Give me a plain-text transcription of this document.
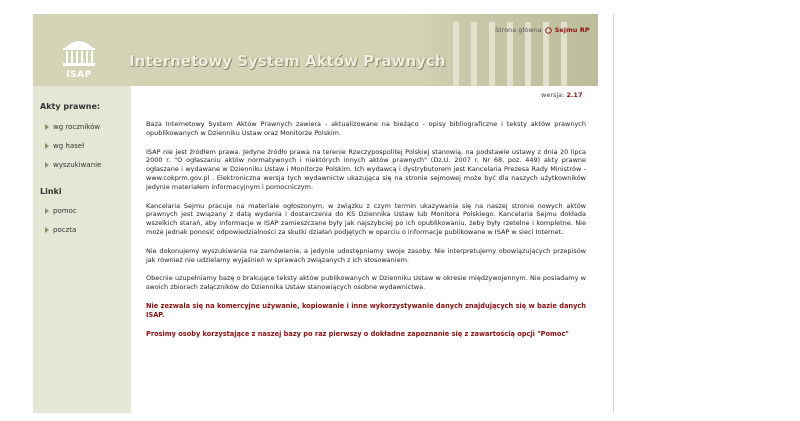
ISAP
Internetowy System Aktów Prawnych
Strona główna Sejmu RP
Akty prawne:
wg roczników
wg haseł
wyszukiwanie
Linki
pomoc
poczta
wersja: 2.17

Baza Internetowy System Aktów Prawnych zawiera - aktualizowane na bieżąco - opisy bibliograficzne i teksty aktów prawnych opublikowanych w Dzienniku Ustaw oraz Monitorze Polskim.

ISAP nie jest źródłem prawa. Jedyne źródło prawa na terenie Rzeczypospolitej Polskiej stanowią, na podstawie ustawy z dnia 20 lipca 2000 r. "O ogłaszaniu aktów normatywnych i niektórych innych aktów prawnych" (Dz.U. 2007 r. Nr 68, poz. 449) akty prawne ogłaszane i wydawane w Dzienniku Ustaw i Monitorze Polskim. Ich wydawcą i dystrybutorem jest Kancelaria Prezesa Rady Ministrów - www.cokprm.gov.pl . Elektroniczna wersja tych wydawnictw ukazująca się na stronie sejmowej może być dla naszych użytkowników jedynie materiałem informacyjnym i pomocniczym.

Kancelaria Sejmu pracuje na materiale ogłoszonym, w związku z czym termin ukazywania się na naszej stronie nowych aktów prawnych jest związany z datą wydania i dostarczenia do KS Dziennika Ustaw lub Monitora Polskiego. Kancelaria Sejmu dokłada wszelkich starań, aby informacje w ISAP zamieszczane były jak najszybciej po ich opublikowaniu, żeby były rzetelne i kompletne. Nie może jednak ponosić odpowiedzialności za skutki działań podjętych w oparciu o informacje publikowane w ISAP w sieci Internet.

Nie dokonujemy wyszukiwania na zamówienie, a jedynie udostępniamy swoje zasoby. Nie interpretujemy obowiązujących przepisów jak również nie udzielamy wyjaśnień w sprawach związanych z ich stosowaniem.

Obecnie uzupełniamy bazę o brakujące teksty aktów publikowanych w Dzienniku Ustaw w okresie międzywojennym. Nie posiadamy w swoich zbiorach załączników do Dziennika Ustaw stanowiących osobne wydawnictwa.

Nie zezwala się na komercyjne używanie, kopiowanie i inne wykorzystywanie danych znajdujących się w bazie danych ISAP.

Prosimy osoby korzystające z naszej bazy po raz pierwszy o dokładne zapoznanie się z zawartością opcji "Pomoc"
